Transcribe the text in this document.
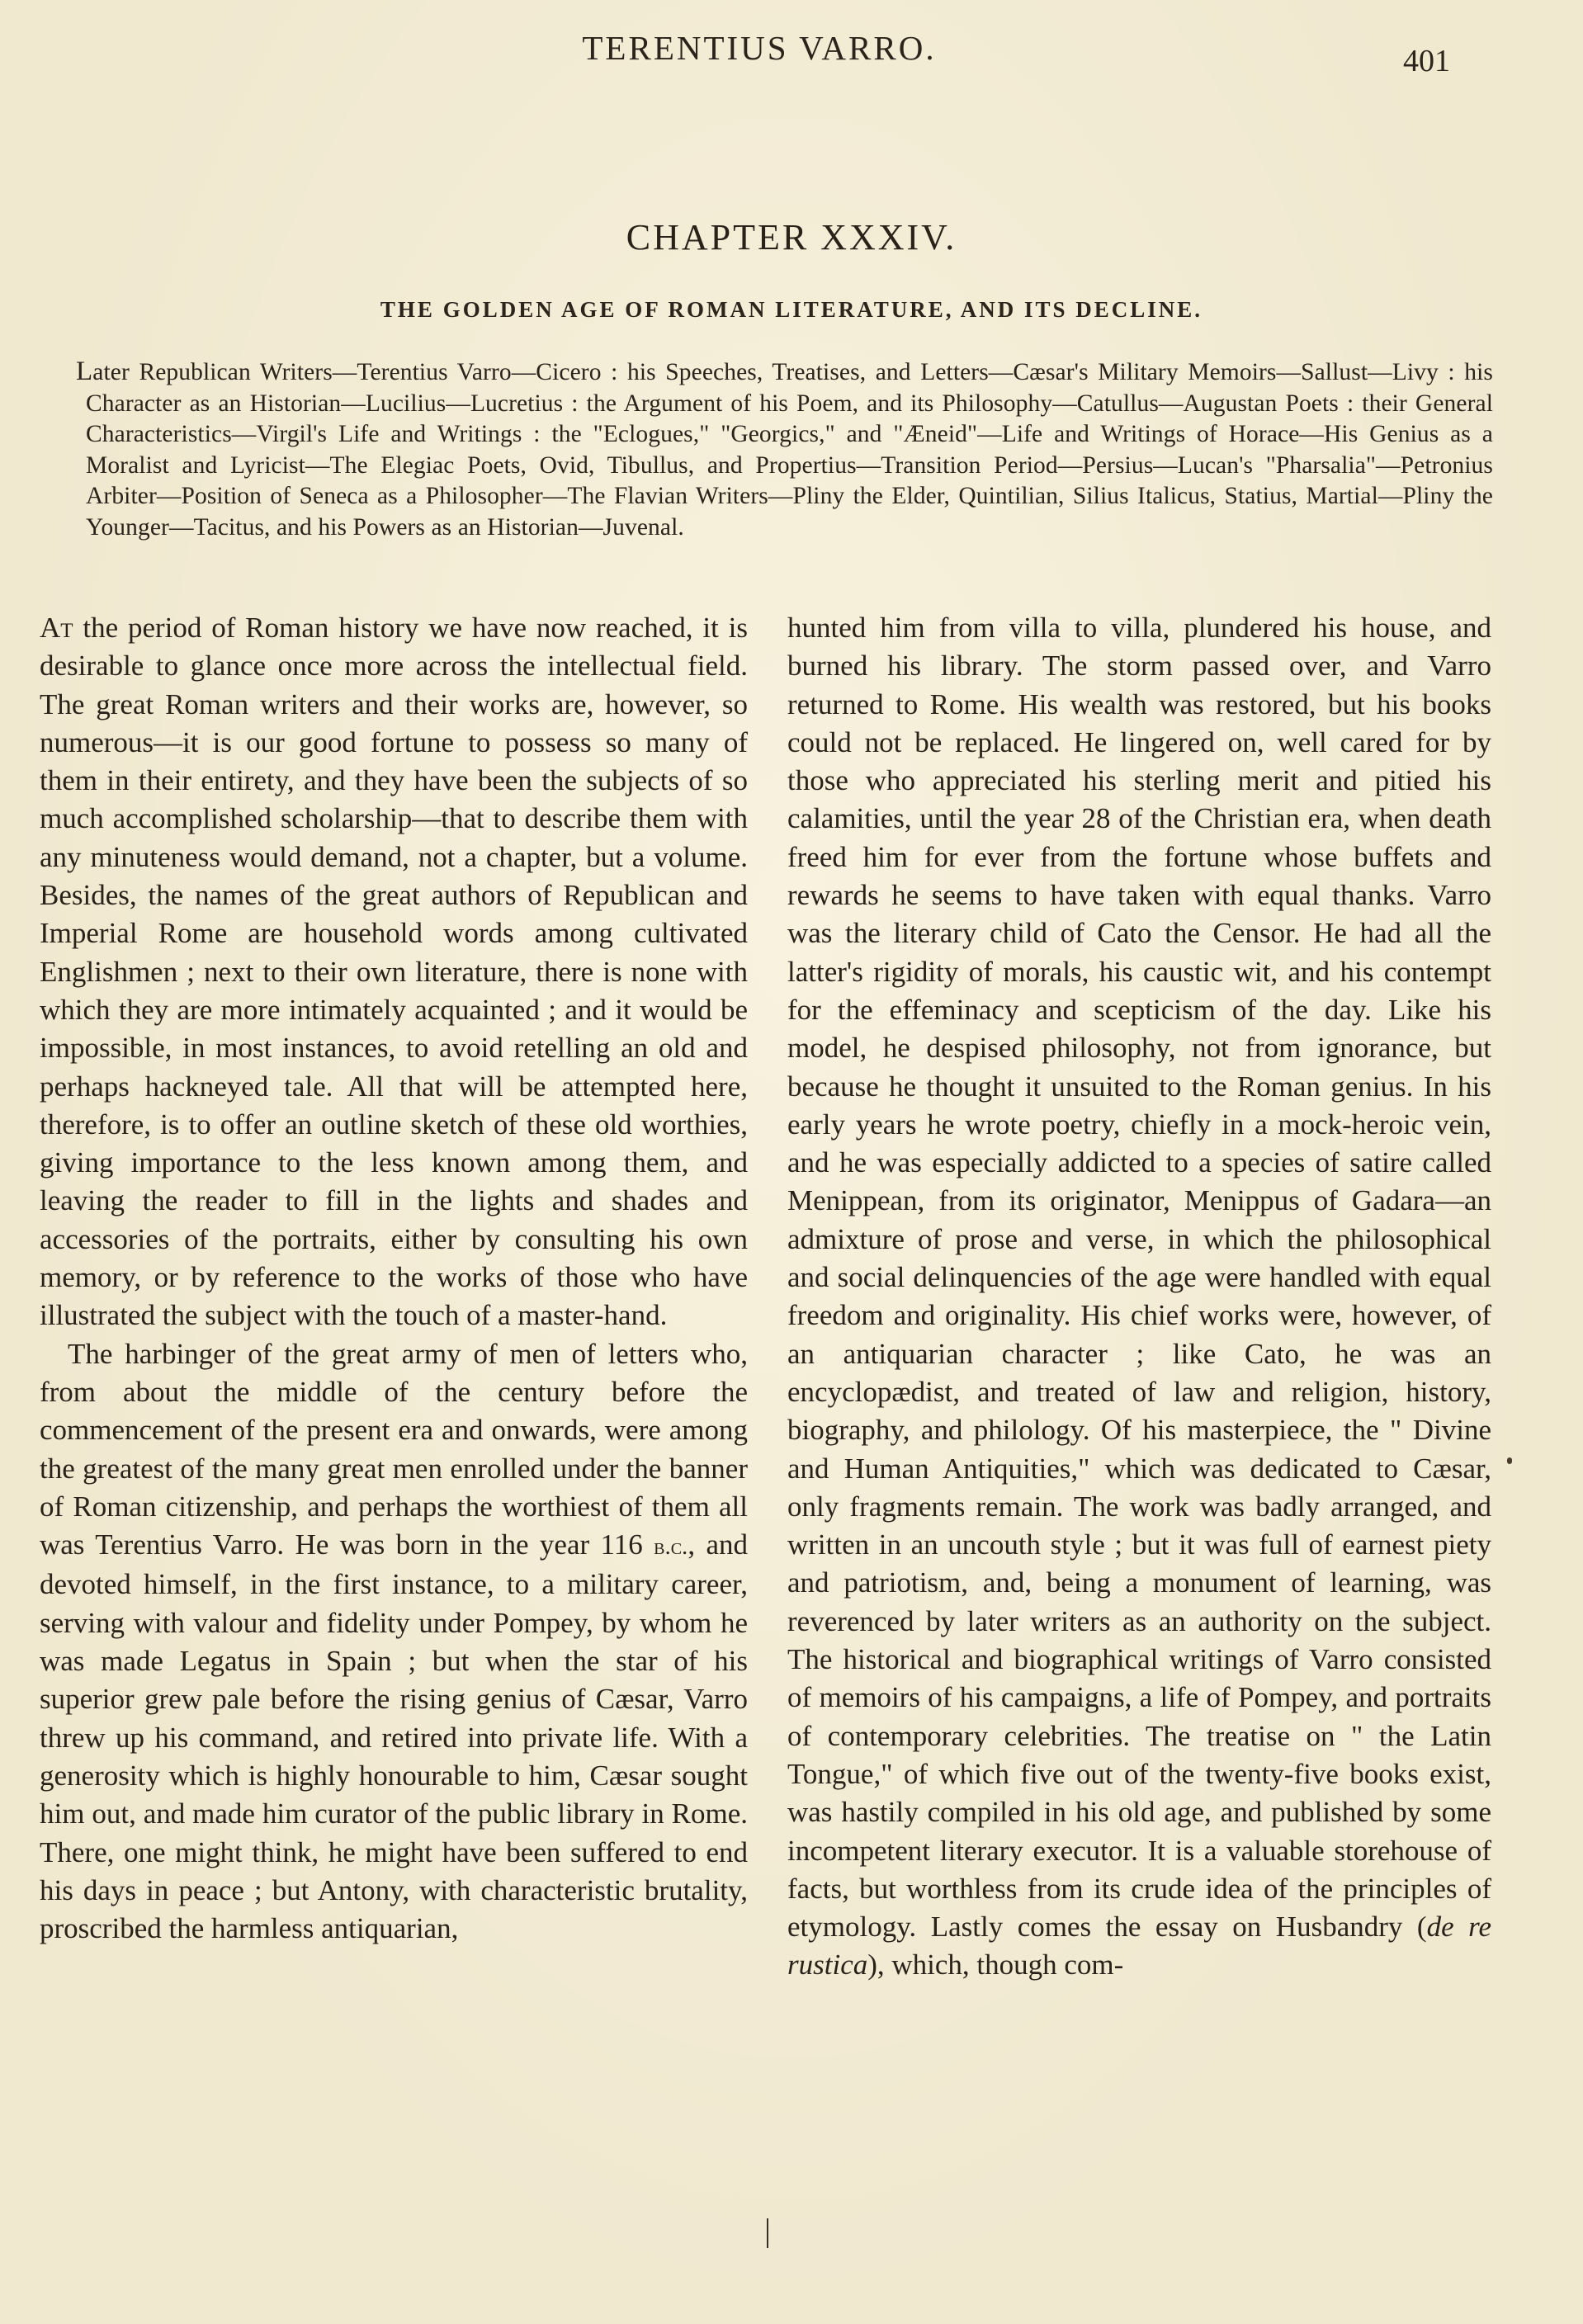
TERENTIUS VARRO.	401
CHAPTER XXXIV.
THE GOLDEN AGE OF ROMAN LITERATURE, AND ITS DECLINE.
Later Republican Writers—Terentius Varro—Cicero : his Speeches, Treatises, and Letters—Cæsar's Military Memoirs—Sallust—Livy : his Character as an Historian—Lucilius—Lucretius : the Argument of his Poem, and its Philosophy—Catullus—Augustan Poets : their General Characteristics—Virgil's Life and Writings : the "Eclogues," "Georgics," and "Æneid"—Life and Writings of Horace—His Genius as a Moralist and Lyricist—The Elegiac Poets, Ovid, Tibullus, and Propertius—Transition Period—Persius—Lucan's "Pharsalia"—Petronius Arbiter—Position of Seneca as a Philosopher—The Flavian Writers—Pliny the Elder, Quintilian, Silius Italicus, Statius, Martial—Pliny the Younger—Tacitus, and his Powers as an Historian—Juvenal.

At the period of Roman history we have now reached, it is desirable to glance once more across the intellectual field. The great Roman writers and their works are, however, so numerous—it is our good fortune to possess so many of them in their entirety, and they have been the subjects of so much accomplished scholarship—that to describe them with any minuteness would demand, not a chapter, but a volume. Besides, the names of the great authors of Republican and Imperial Rome are household words among cultivated Englishmen ; next to their own literature, there is none with which they are more intimately acquainted ; and it would be impossible, in most instances, to avoid retelling an old and perhaps hackneyed tale. All that will be attempted here, therefore, is to offer an outline sketch of these old worthies, giving importance to the less known among them, and leaving the reader to fill in the lights and shades and accessories of the portraits, either by consulting his own memory, or by reference to the works of those who have illustrated the subject with the touch of a master-hand.

The harbinger of the great army of men of letters who, from about the middle of the century before the commencement of the present era and onwards, were among the greatest of the many great men enrolled under the banner of Roman citizenship, and perhaps the worthiest of them all was Terentius Varro. He was born in the year 116 b.c., and devoted himself, in the first instance, to a military career, serving with valour and fidelity under Pompey, by whom he was made Legatus in Spain ; but when the star of his superior grew pale before the rising genius of Cæsar, Varro threw up his command, and retired into private life. With a generosity which is highly honourable to him, Cæsar sought him out, and made him curator of the public library in Rome. There, one might think, he might have been suffered to end his days in peace ; but Antony, with characteristic brutality, proscribed the harmless antiquarian,

hunted him from villa to villa, plundered his house, and burned his library. The storm passed over, and Varro returned to Rome. His wealth was restored, but his books could not be replaced. He lingered on, well cared for by those who appreciated his sterling merit and pitied his calamities, until the year 28 of the Christian era, when death freed him for ever from the fortune whose buffets and rewards he seems to have taken with equal thanks. Varro was the literary child of Cato the Censor. He had all the latter's rigidity of morals, his caustic wit, and his contempt for the effeminacy and scepticism of the day. Like his model, he despised philosophy, not from ignorance, but because he thought it unsuited to the Roman genius. In his early years he wrote poetry, chiefly in a mock-heroic vein, and he was especially addicted to a species of satire called Menippean, from its originator, Menippus of Gadara—an admixture of prose and verse, in which the philosophical and social delinquencies of the age were handled with equal freedom and originality. His chief works were, however, of an antiquarian character ; like Cato, he was an encyclopædist, and treated of law and religion, history, biography, and philology. Of his masterpiece, the " Divine and Human Antiquities," which was dedicated to Cæsar, only fragments remain. The work was badly arranged, and written in an uncouth style ; but it was full of earnest piety and patriotism, and, being a monument of learning, was reverenced by later writers as an authority on the subject. The historical and biographical writings of Varro consisted of memoirs of his campaigns, a life of Pompey, and portraits of contemporary celebrities. The treatise on " the Latin Tongue," of which five out of the twenty-five books exist, was hastily compiled in his old age, and published by some incompetent literary executor. It is a valuable storehouse of facts, but worthless from its crude idea of the principles of etymology. Lastly comes the essay on Husbandry (de re rustica), which, though com-
